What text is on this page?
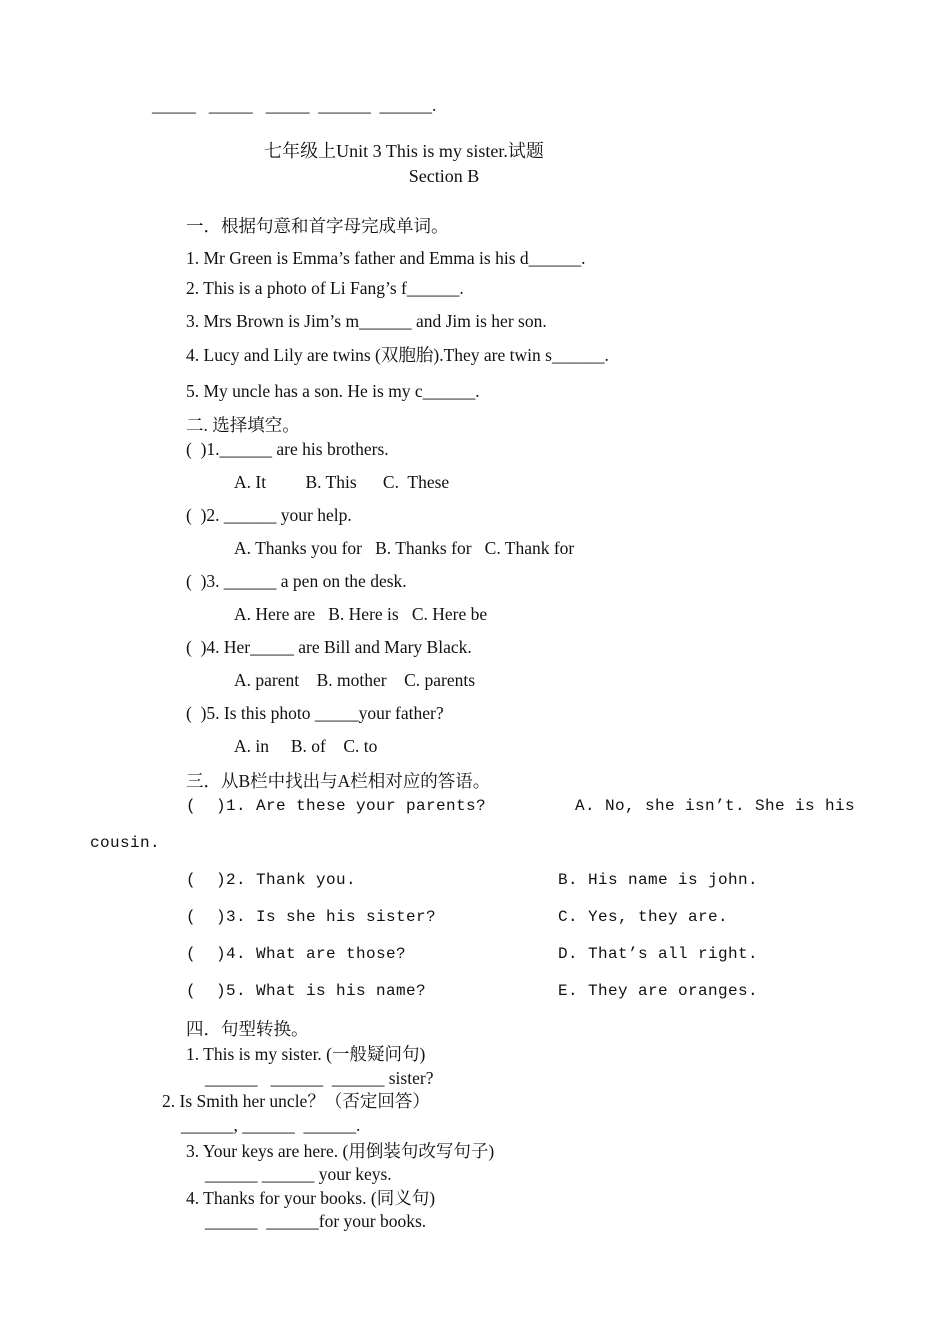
_____   _____   _____  ______  ______.
七年级上Unit 3 This is my sister.试题
Section B
一．根据句意和首字母完成单词。
1. Mr Green is Emma’s father and Emma is his d______.
2. This is a photo of Li Fang’s f______.
3. Mrs Brown is Jim’s m______ and Jim is her son.
4. Lucy and Lily are twins (双胞胎).They are twin s______.
5. My uncle has a son. He is my c______.
二. 选择填空。
(  )1.______ are his brothers.
A. It         B. This      C.  These
(  )2. ______ your help.
A. Thanks you for   B. Thanks for   C. Thank for
(  )3. ______ a pen on the desk.
A. Here are   B. Here is   C. Here be
(  )4. Her_____ are Bill and Mary Black.
A. parent    B. mother    C. parents
(  )5. Is this photo _____your father?
A. in     B. of    C. to
三．从B栏中找出与A栏相对应的答语。
(  )1. Are these your parents?	A. No, she isn’t. She is his
cousin.
(  )2. Thank you.	B. His name is john.
(  )3. Is she his sister?	C. Yes, they are.
(  )4. What are those?	D. That’s all right.
(  )5. What is his name?	E. They are oranges.
四．句型转换。
1. This is my sister. (一般疑问句)
______   ______  ______ sister?
2. Is Smith her uncle？（否定回答）
______, ______  ______.
3. Your keys are here. (用倒装句改写句子)
______ ______ your keys.
4. Thanks for your books. (同义句)
______  ______for your books.
